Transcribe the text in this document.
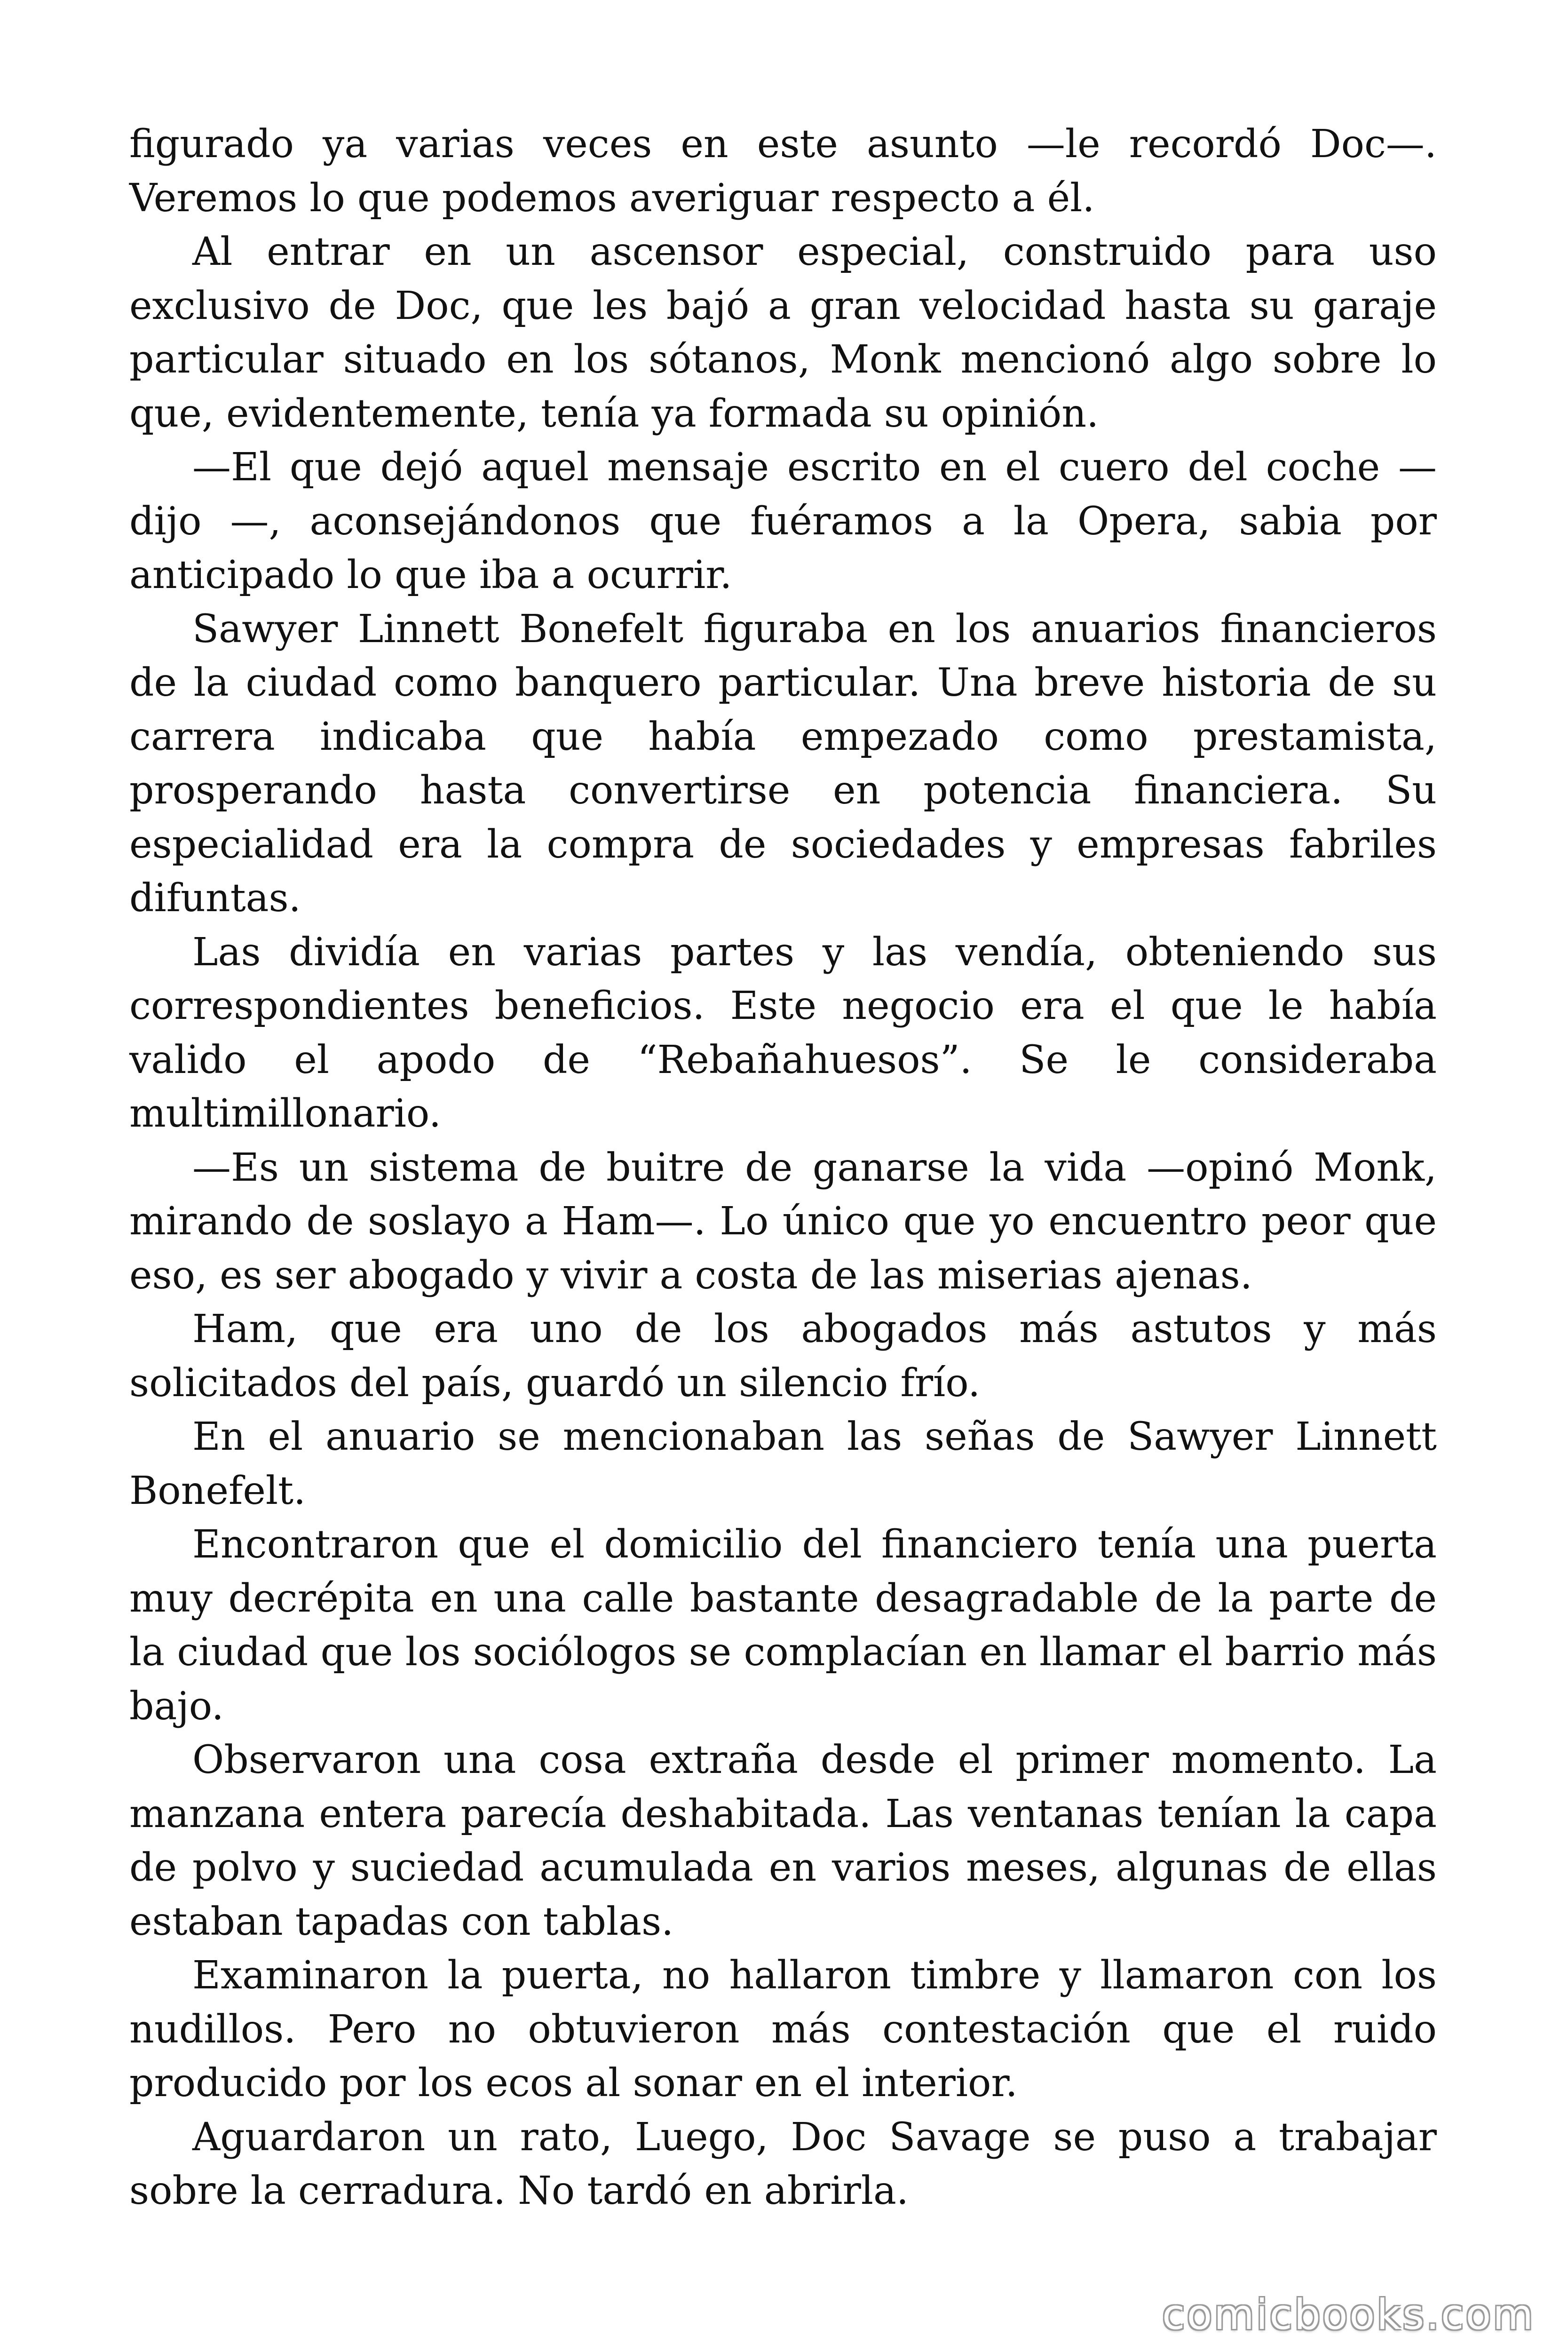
figurado ya varias veces en este asunto —le recordó Doc—. Veremos lo que podemos averiguar respecto a él.

Al entrar en un ascensor especial, construido para uso exclusivo de Doc, que les bajó a gran velocidad hasta su garaje particular situado en los sótanos, Monk mencionó algo sobre lo que, evidentemente, tenía ya formada su opinión.

—El que dejó aquel mensaje escrito en el cuero del coche —dijo —, aconsejándonos que fuéramos a la Opera, sabia por anticipado lo que iba a ocurrir.

Sawyer Linnett Bonefelt figuraba en los anuarios financieros de la ciudad como banquero particular. Una breve historia de su carrera indicaba que había empezado como prestamista, prosperando hasta convertirse en potencia financiera. Su especialidad era la compra de sociedades y empresas fabriles difuntas.

Las dividía en varias partes y las vendía, obteniendo sus correspondientes beneficios. Este negocio era el que le había valido el apodo de “Rebañahuesos”. Se le consideraba multimillonario.

—Es un sistema de buitre de ganarse la vida —opinó Monk, mirando de soslayo a Ham—. Lo único que yo encuentro peor que eso, es ser abogado y vivir a costa de las miserias ajenas.

Ham, que era uno de los abogados más astutos y más solicitados del país, guardó un silencio frío.

En el anuario se mencionaban las señas de Sawyer Linnett Bonefelt.

Encontraron que el domicilio del financiero tenía una puerta muy decrépita en una calle bastante desagradable de la parte de la ciudad que los sociólogos se complacían en llamar el barrio más bajo.

Observaron una cosa extraña desde el primer momento. La manzana entera parecía deshabitada. Las ventanas tenían la capa de polvo y suciedad acumulada en varios meses, algunas de ellas estaban tapadas con tablas.

Examinaron la puerta, no hallaron timbre y llamaron con los nudillos. Pero no obtuvieron más contestación que el ruido producido por los ecos al sonar en el interior.

Aguardaron un rato, Luego, Doc Savage se puso a trabajar sobre la cerradura. No tardó en abrirla.

comicbooks.com
